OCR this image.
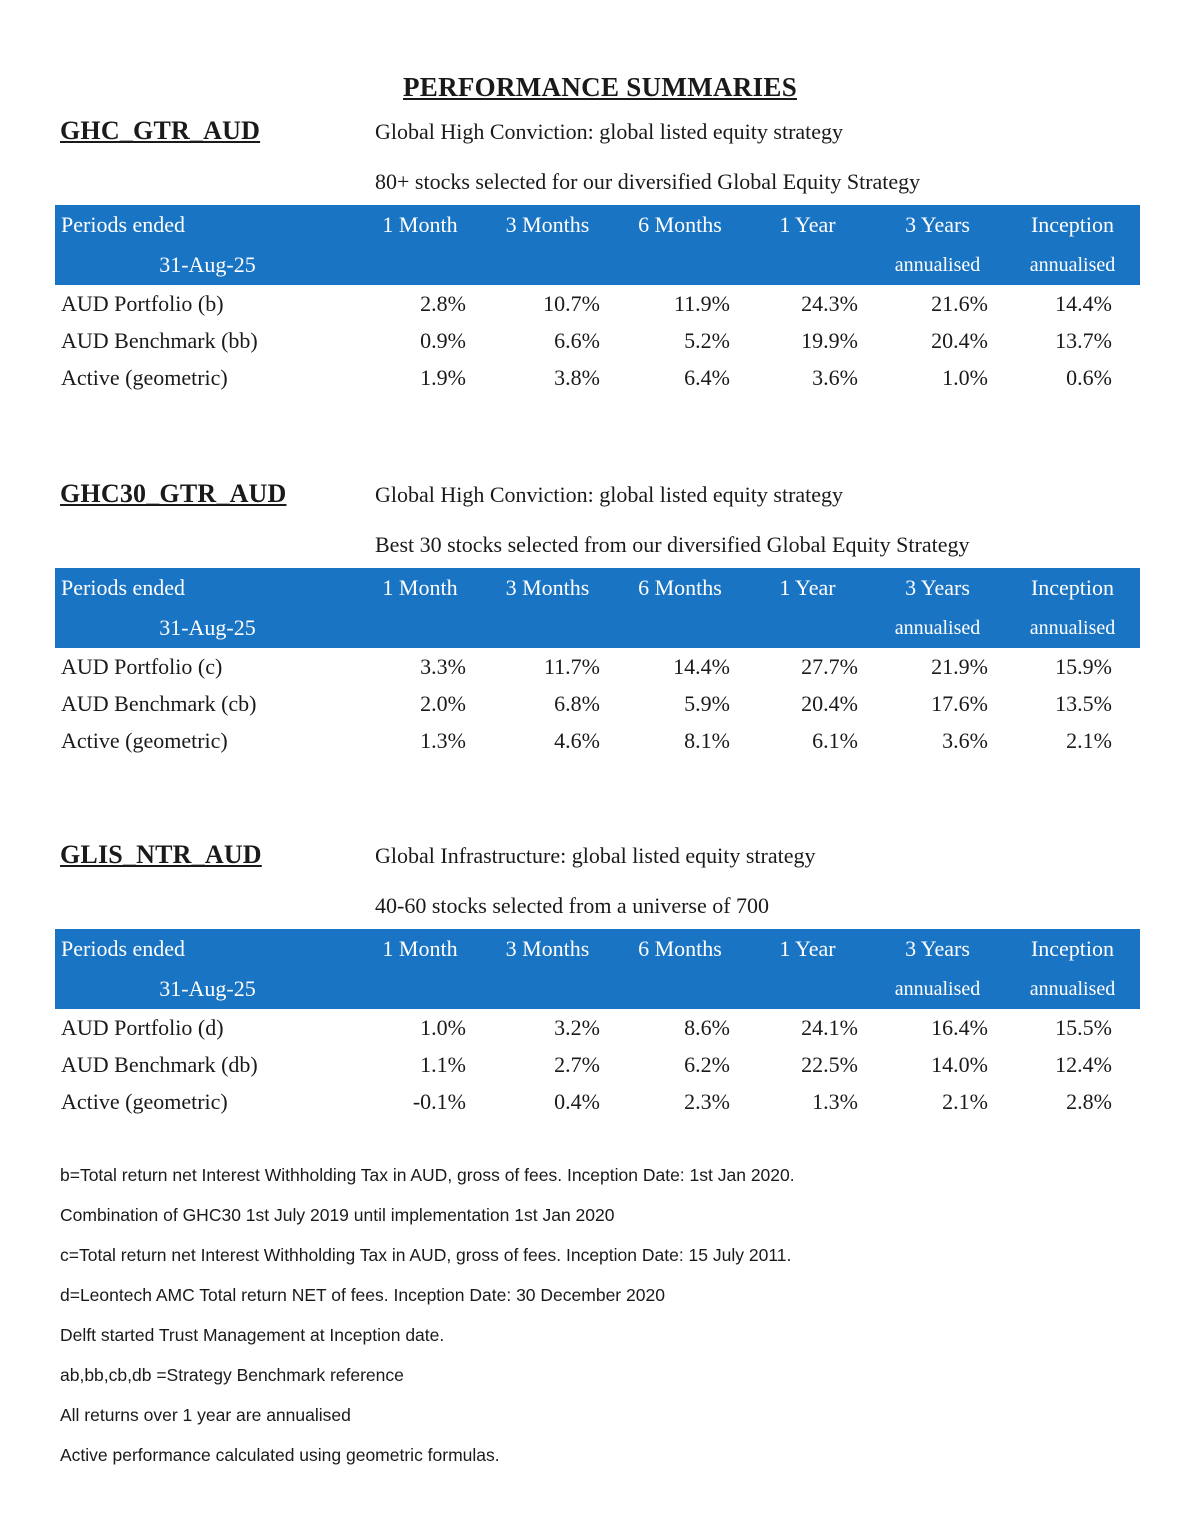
PERFORMANCE SUMMARIES
GHC_GTR_AUD	Global High Conviction: global listed equity strategy
80+ stocks selected for our diversified Global Equity Strategy
Periods ended	1 Month	3 Months	6 Months	1 Year	3 Years	Inception
31-Aug-25					annualised	annualised
AUD Portfolio (b)	2.8%	10.7%	11.9%	24.3%	21.6%	14.4%
AUD Benchmark (bb)	0.9%	6.6%	5.2%	19.9%	20.4%	13.7%
Active (geometric)	1.9%	3.8%	6.4%	3.6%	1.0%	0.6%
GHC30_GTR_AUD	Global High Conviction: global listed equity strategy
Best 30 stocks selected from our diversified Global Equity Strategy
Periods ended	1 Month	3 Months	6 Months	1 Year	3 Years	Inception
31-Aug-25					annualised	annualised
AUD Portfolio (c)	3.3%	11.7%	14.4%	27.7%	21.9%	15.9%
AUD Benchmark (cb)	2.0%	6.8%	5.9%	20.4%	17.6%	13.5%
Active (geometric)	1.3%	4.6%	8.1%	6.1%	3.6%	2.1%
GLIS_NTR_AUD	Global Infrastructure: global listed equity strategy
40-60 stocks selected from a universe of 700
Periods ended	1 Month	3 Months	6 Months	1 Year	3 Years	Inception
31-Aug-25					annualised	annualised
AUD Portfolio (d)	1.0%	3.2%	8.6%	24.1%	16.4%	15.5%
AUD Benchmark (db)	1.1%	2.7%	6.2%	22.5%	14.0%	12.4%
Active (geometric)	-0.1%	0.4%	2.3%	1.3%	2.1%	2.8%

b=Total return net Interest Withholding Tax in AUD, gross of fees. Inception Date: 1st Jan 2020.

Combination of GHC30 1st July 2019 until implementation 1st Jan 2020

c=Total return net Interest Withholding Tax in AUD, gross of fees. Inception Date: 15 July 2011.

d=Leontech AMC Total return NET of fees. Inception Date: 30 December 2020

Delft started Trust Management at Inception date.

ab,bb,cb,db =Strategy Benchmark reference

All returns over 1 year are annualised

Active performance calculated using geometric formulas.
